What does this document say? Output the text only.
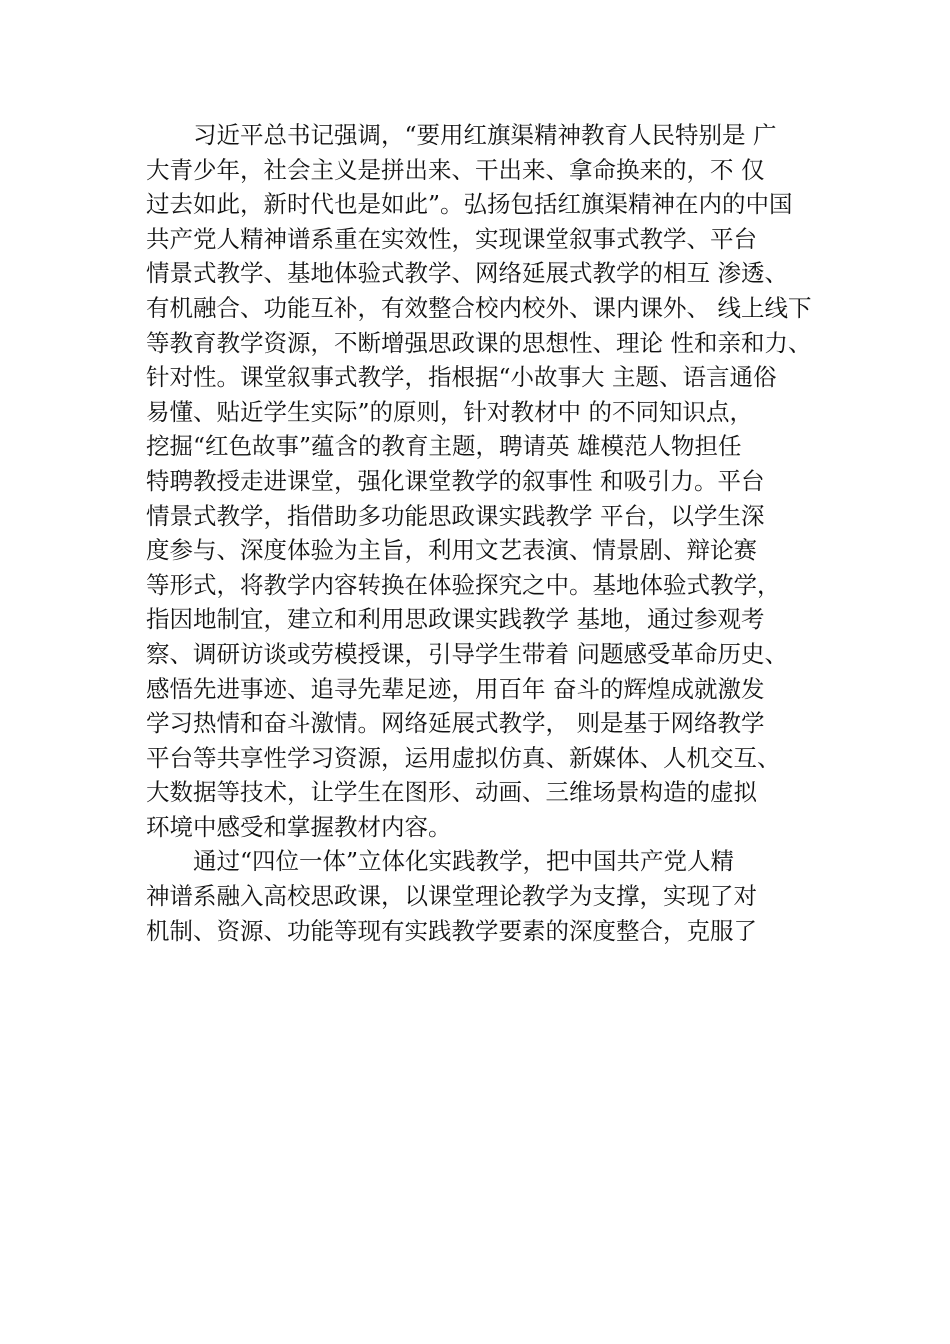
习近平总书记强调，“要用红旗渠精神教育人民特别是 广
大青少年，社会主义是拼出来、干出来、拿命换来的，不 仅
过去如此，新时代也是如此”。弘扬包括红旗渠精神在内的中国
共产党人精神谱系重在实效性，实现课堂叙事式教学、平台
情景式教学、基地体验式教学、网络延展式教学的相互 渗透、
有机融合、功能互补，有效整合校内校外、课内课外、 线上线下
等教育教学资源，不断增强思政课的思想性、理论 性和亲和力、
针对性。课堂叙事式教学，指根据“小故事大 主题、语言通俗
易懂、贴近学生实际”的原则，针对教材中 的不同知识点，
挖掘“红色故事”蕴含的教育主题，聘请英 雄模范人物担任
特聘教授走进课堂，强化课堂教学的叙事性 和吸引力。平台
情景式教学，指借助多功能思政课实践教学 平台，以学生深
度参与、深度体验为主旨，利用文艺表演、情景剧、辩论赛
等形式，将教学内容转换在体验探究之中。基地体验式教学，
指因地制宜，建立和利用思政课实践教学 基地，通过参观考
察、调研访谈或劳模授课，引导学生带着 问题感受革命历史、
感悟先进事迹、追寻先辈足迹，用百年 奋斗的辉煌成就激发
学习热情和奋斗激情。网络延展式教学， 则是基于网络教学
平台等共享性学习资源，运用虚拟仿真、新媒体、人机交互、
大数据等技术，让学生在图形、动画、三维场景构造的虚拟
环境中感受和掌握教材内容。
通过“四位一体”立体化实践教学，把中国共产党人精
神谱系融入高校思政课，以课堂理论教学为支撑，实现了对
机制、资源、功能等现有实践教学要素的深度整合，克服了
